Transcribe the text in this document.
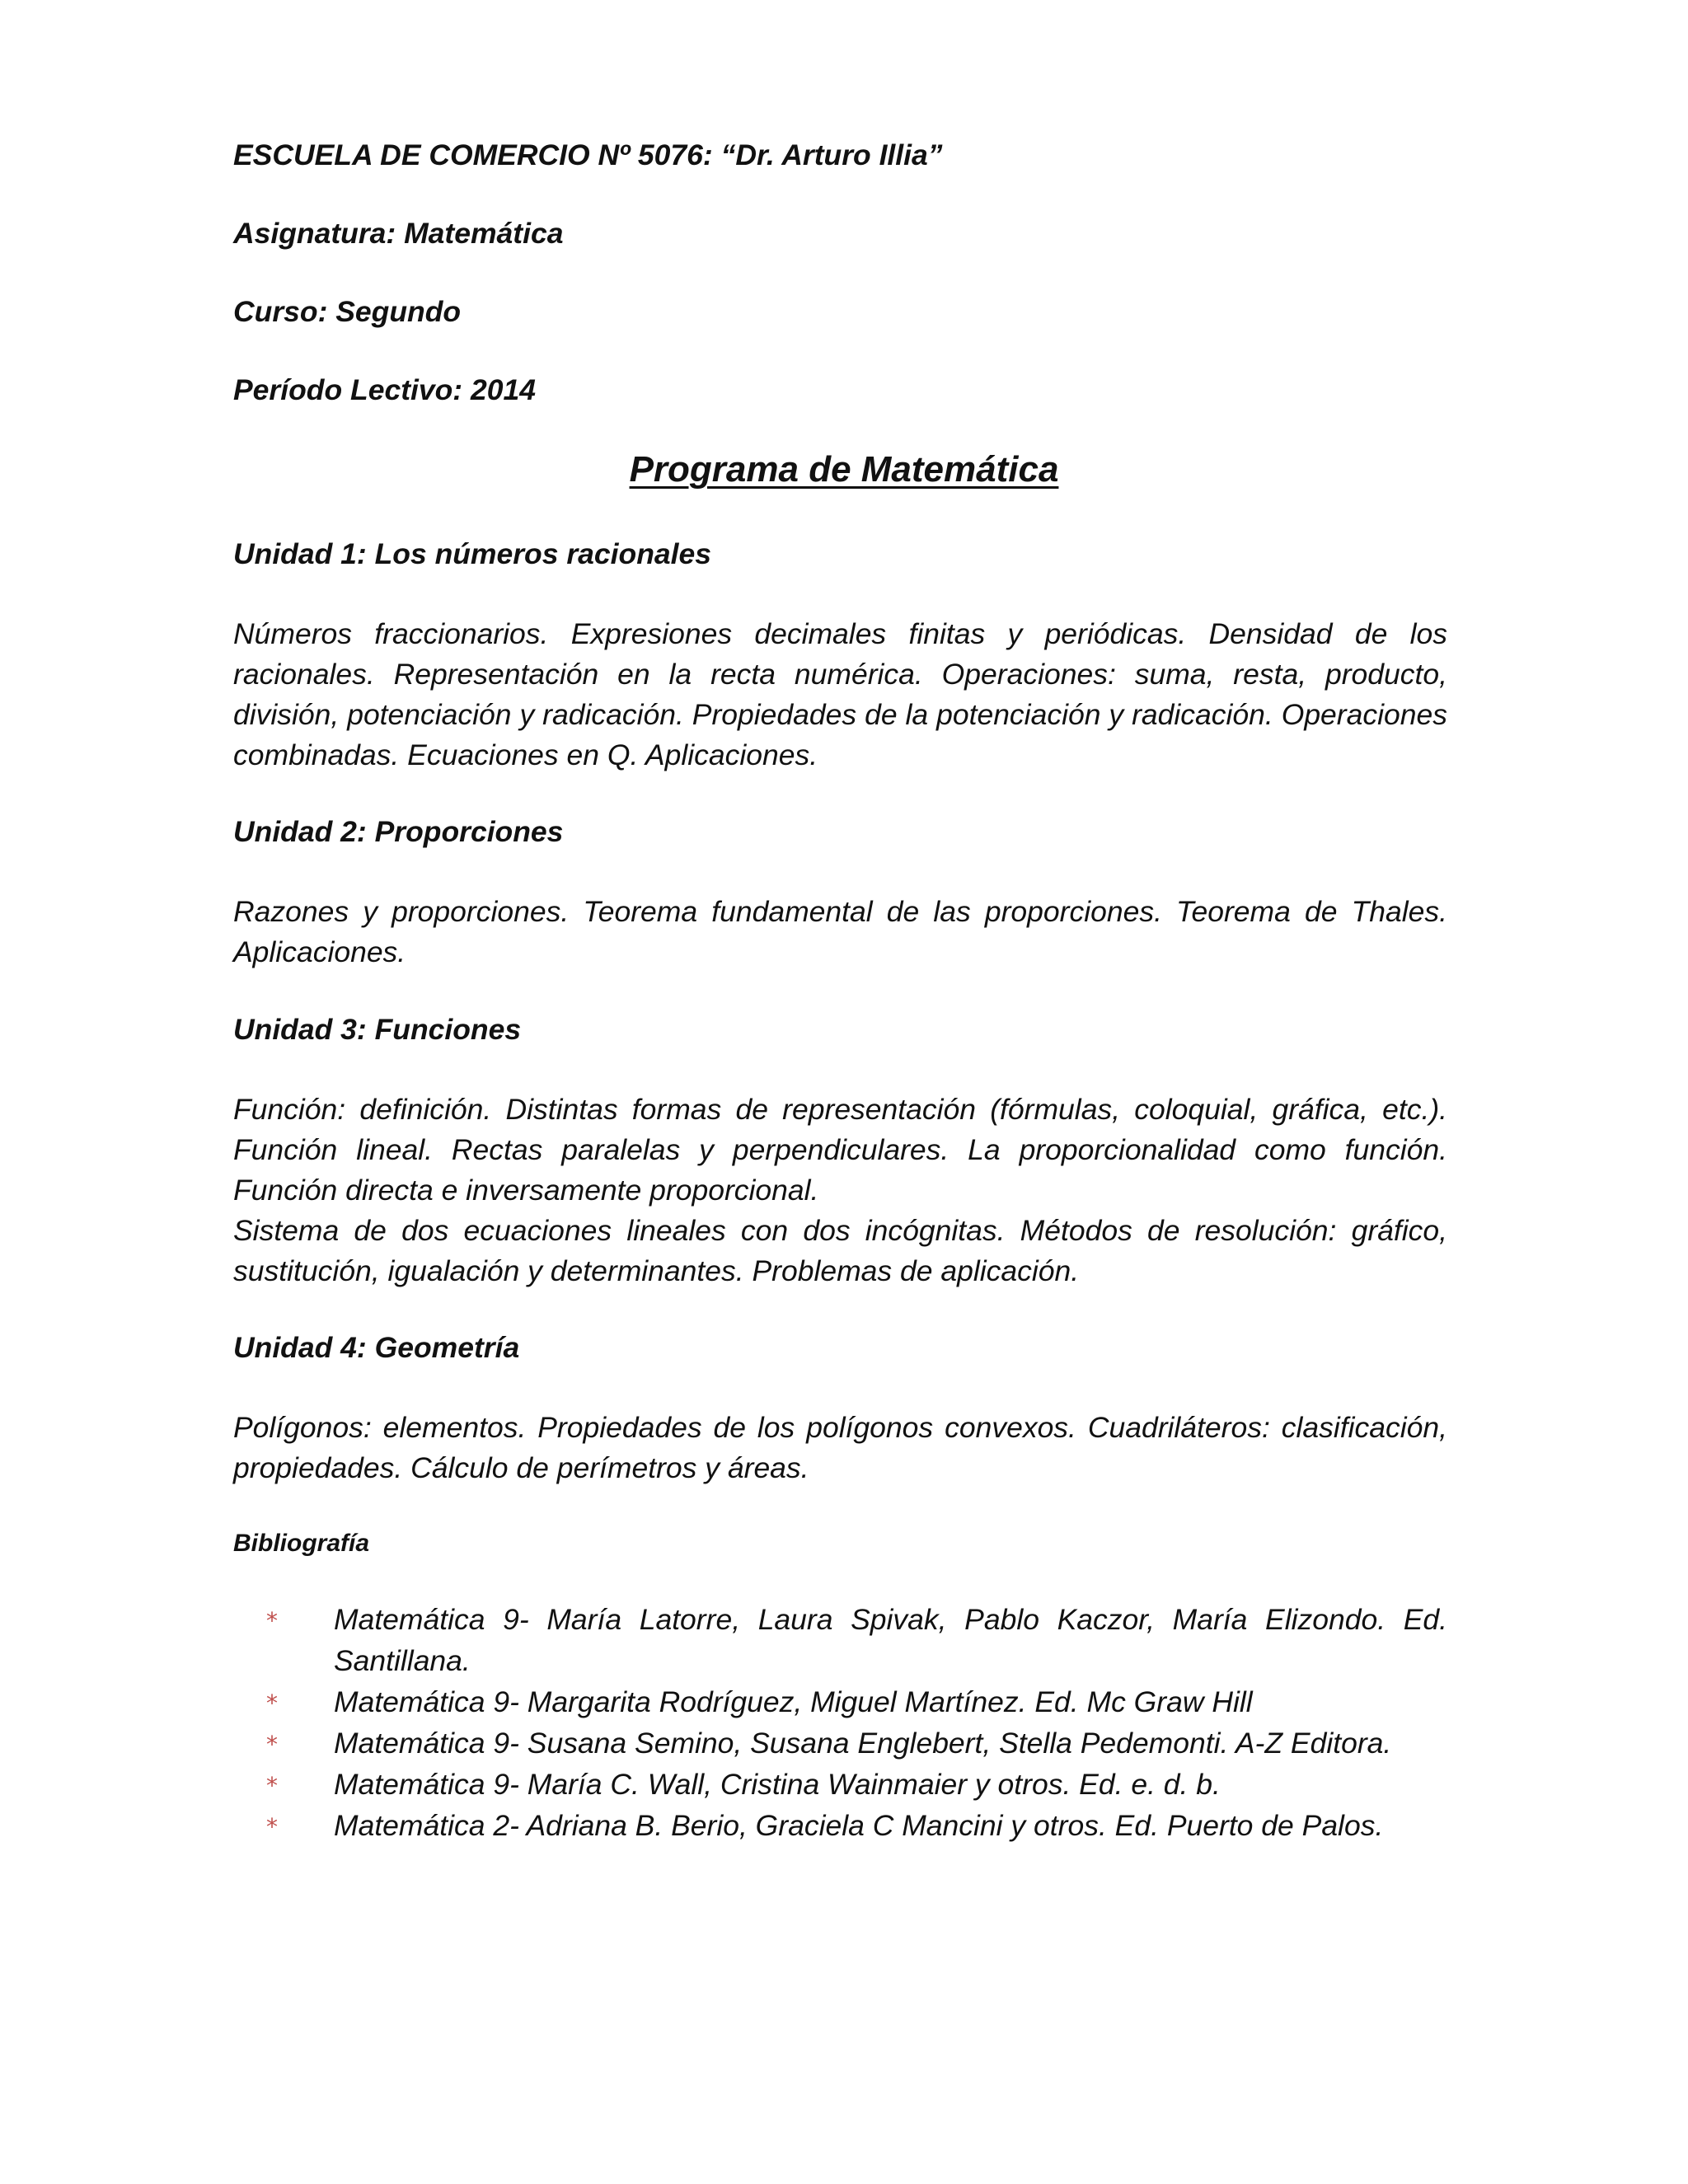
ESCUELA DE COMERCIO Nº 5076: “Dr. Arturo Illia”
Asignatura: Matemática
Curso: Segundo
Período Lectivo: 2014
Programa de Matemática
Unidad 1: Los números racionales

Números fraccionarios. Expresiones decimales finitas y periódicas. Densidad de los racionales. Representación en la recta numérica. Operaciones: suma, resta, producto, división, potenciación y radicación. Propiedades de la potenciación y radicación. Operaciones combinadas. Ecuaciones en Q. Aplicaciones.

Unidad 2: Proporciones

Razones y proporciones. Teorema fundamental de las proporciones. Teorema de Thales. Aplicaciones.

Unidad 3: Funciones

Función: definición. Distintas formas de representación (fórmulas, coloquial, gráfica, etc.). Función lineal. Rectas paralelas y perpendiculares. La proporcionalidad como función. Función directa e inversamente proporcional.

Sistema de dos ecuaciones lineales con dos incógnitas. Métodos de resolución: gráfico, sustitución, igualación y determinantes. Problemas de aplicación.

Unidad 4: Geometría

Polígonos: elementos. Propiedades de los polígonos convexos. Cuadriláteros: clasificación, propiedades. Cálculo de perímetros y áreas.

Bibliografía
* Matemática 9- María Latorre, Laura Spivak, Pablo Kaczor, María Elizondo. Ed. Santillana.
* Matemática 9- Margarita Rodríguez, Miguel Martínez. Ed. Mc Graw Hill
* Matemática 9- Susana Semino, Susana Englebert, Stella Pedemonti. A-Z Editora.
* Matemática 9- María C. Wall, Cristina Wainmaier y otros. Ed. e. d. b.
* Matemática 2- Adriana B. Berio, Graciela C Mancini y otros. Ed. Puerto de Palos.
